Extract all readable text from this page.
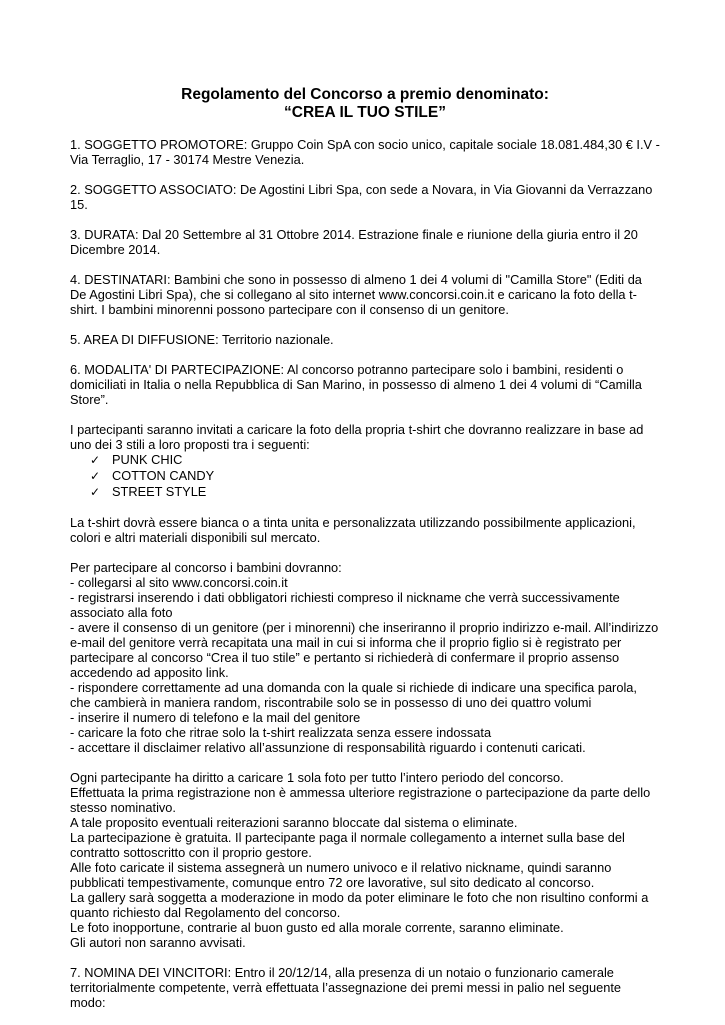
Regolamento del Concorso a premio denominato:
“CREA IL TUO STILE”

1. SOGGETTO PROMOTORE: Gruppo Coin SpA con socio unico, capitale sociale 18.081.484,30 € I.V - Via Terraglio, 17 - 30174 Mestre Venezia.

2. SOGGETTO ASSOCIATO: De Agostini Libri Spa, con sede a Novara, in Via Giovanni da Verrazzano 15.

3. DURATA: Dal 20 Settembre al 31 Ottobre 2014. Estrazione finale e riunione della giuria entro il 20 Dicembre 2014.

4. DESTINATARI: Bambini che sono in possesso di almeno 1 dei 4 volumi di "Camilla Store" (Editi da De Agostini Libri Spa), che si collegano al sito internet www.concorsi.coin.it e caricano la foto della t-shirt. I bambini minorenni possono partecipare con il consenso di un genitore.

5. AREA DI DIFFUSIONE: Territorio nazionale.

6. MODALITA' DI PARTECIPAZIONE: Al concorso potranno partecipare solo i bambini, residenti o domiciliati in Italia o nella Repubblica di San Marino, in possesso di almeno 1 dei 4 volumi di “Camilla Store”.

I partecipanti saranno invitati a caricare la foto della propria t-shirt che dovranno realizzare in base ad uno dei 3 stili a loro proposti tra i seguenti:

✓ PUNK CHIC
✓ COTTON CANDY
✓ STREET STYLE

La t-shirt dovrà essere bianca o a tinta unita e personalizzata utilizzando possibilmente applicazioni, colori e altri materiali disponibili sul mercato.

Per partecipare al concorso i bambini dovranno:
- collegarsi al sito www.concorsi.coin.it
- registrarsi inserendo i dati obbligatori richiesti compreso il nickname che verrà successivamente associato alla foto
- avere il consenso di un genitore (per i minorenni) che inseriranno il proprio indirizzo e-mail. All’indirizzo e-mail del genitore verrà recapitata una mail in cui si informa che il proprio figlio si è registrato per partecipare al concorso “Crea il tuo stile” e pertanto si richiederà di confermare il proprio assenso accedendo ad apposito link.
- rispondere correttamente ad una domanda con la quale si richiede di indicare una specifica parola, che cambierà in maniera random, riscontrabile solo se in possesso di uno dei quattro volumi
- inserire il numero di telefono e la mail del genitore
- caricare la foto che ritrae solo la t-shirt realizzata senza essere indossata
- accettare il disclaimer relativo all’assunzione di responsabilità riguardo i contenuti caricati.
Ogni partecipante ha diritto a caricare 1 sola foto per tutto l’intero periodo del concorso.
Effettuata la prima registrazione non è ammessa ulteriore registrazione o partecipazione da parte dello stesso nominativo.
A tale proposito eventuali reiterazioni saranno bloccate dal sistema o eliminate.
La partecipazione è gratuita. Il partecipante paga il normale collegamento a internet sulla base del contratto sottoscritto con il proprio gestore.
Alle foto caricate il sistema assegnerà un numero univoco e il relativo nickname, quindi saranno pubblicati tempestivamente, comunque entro 72 ore lavorative, sul sito dedicato al concorso.
La gallery sarà soggetta a moderazione in modo da poter eliminare le foto che non risultino conformi a quanto richiesto dal Regolamento del concorso.
Le foto inopportune, contrarie al buon gusto ed alla morale corrente, saranno eliminate.
Gli autori non saranno avvisati.

7. NOMINA DEI VINCITORI: Entro il 20/12/14, alla presenza di un notaio o funzionario camerale territorialmente competente, verrà effettuata l’assegnazione dei premi messi in palio nel seguente modo:
